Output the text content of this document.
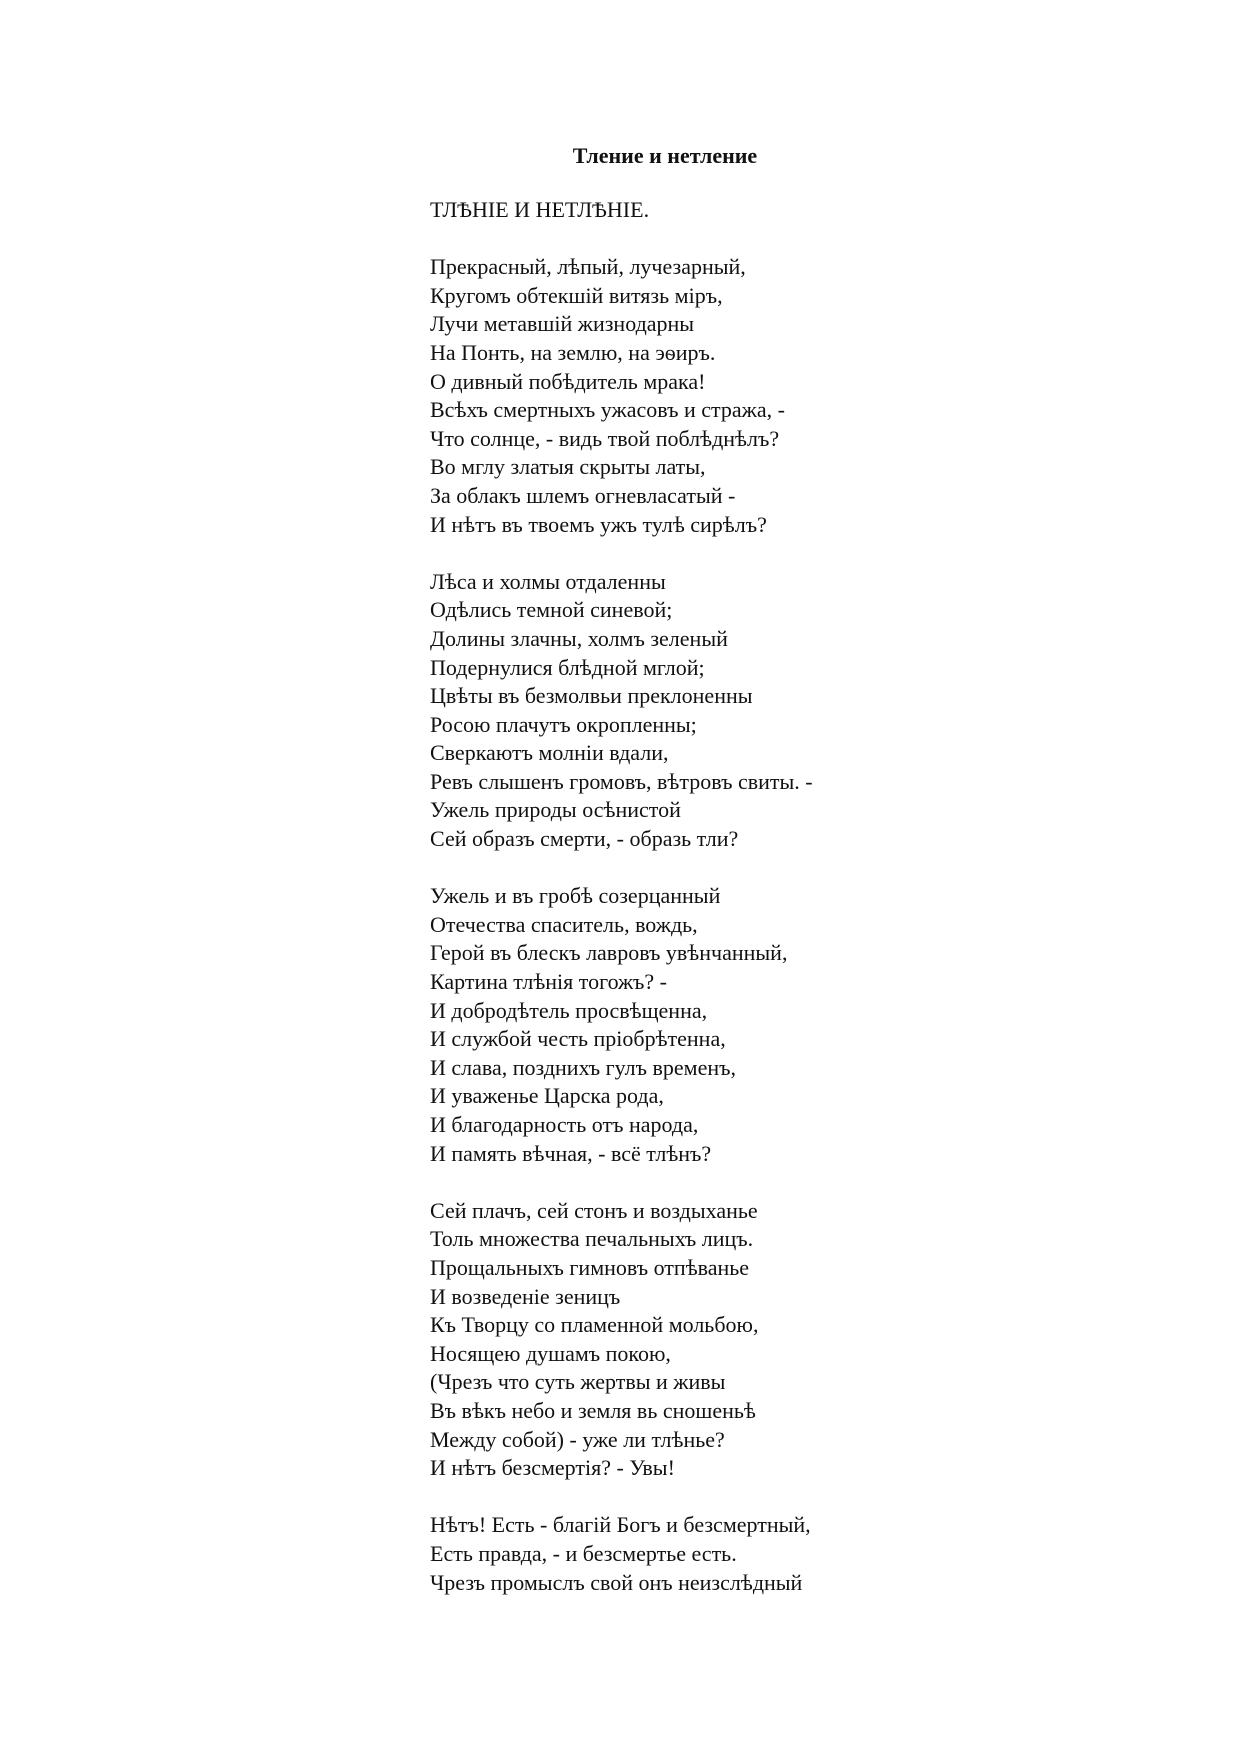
Тление и нетление
ТЛѢНІЕ И НЕТЛѢНІЕ.
Прекрасный, лѣпый, лучезарный,
Кругомъ обтекшій витязь міръ,
Лучи метавшій жизнодарны
На Понть, на землю, на эѳиръ.
О дивный побѣдитель мрака!
Всѣхъ смертныхъ ужасовъ и стража, -
Что солнце, - видь твой поблѣднѣлъ?
Во мглу златыя скрыты латы,
За облакъ шлемъ огневласатый -
И нѣтъ въ твоемъ ужъ тулѣ сирѣлъ?
Лѣса и холмы отдаленны
Одѣлись темной синевой;
Долины злачны, холмъ зеленый
Подернулися блѣдной мглой;
Цвѣты въ безмолвьи преклоненны
Росою плачутъ окропленны;
Сверкаютъ молніи вдали,
Ревъ слышенъ громовъ, вѣтровъ свиты. -
Ужель природы осѣнистой
Сей образъ смерти, - образь тли?
Ужель и въ гробѣ созерцанный
Отечества спаситель, вождь,
Герой въ блескъ лавровъ увѣнчанный,
Картина тлѣнія тогожъ? -
И добродѣтель просвѣщенна,
И службой честь пріобрѣтенна,
И слава, позднихъ гулъ временъ,
И уваженье Царска рода,
И благодарность отъ народа,
И память вѣчная, - всё тлѣнъ?
Сей плачъ, сей стонъ и воздыханье
Толь множества печальныхъ лицъ.
Прощальныхъ гимновъ отпѣванье
И возведеніе зеницъ
Къ Творцу со пламенной мольбою,
Носящею душамъ покою,
(Чрезъ что суть жертвы и живы
Въ вѣкъ небо и земля вь сношеньѣ
Между собой) - уже ли тлѣнье?
И нѣтъ безсмертія? - Увы!
Нѣтъ! Есть - благій Богъ и безсмертный,
Есть правда, - и безсмертье есть.
Чрезъ промыслъ свой онъ неизслѣдный
